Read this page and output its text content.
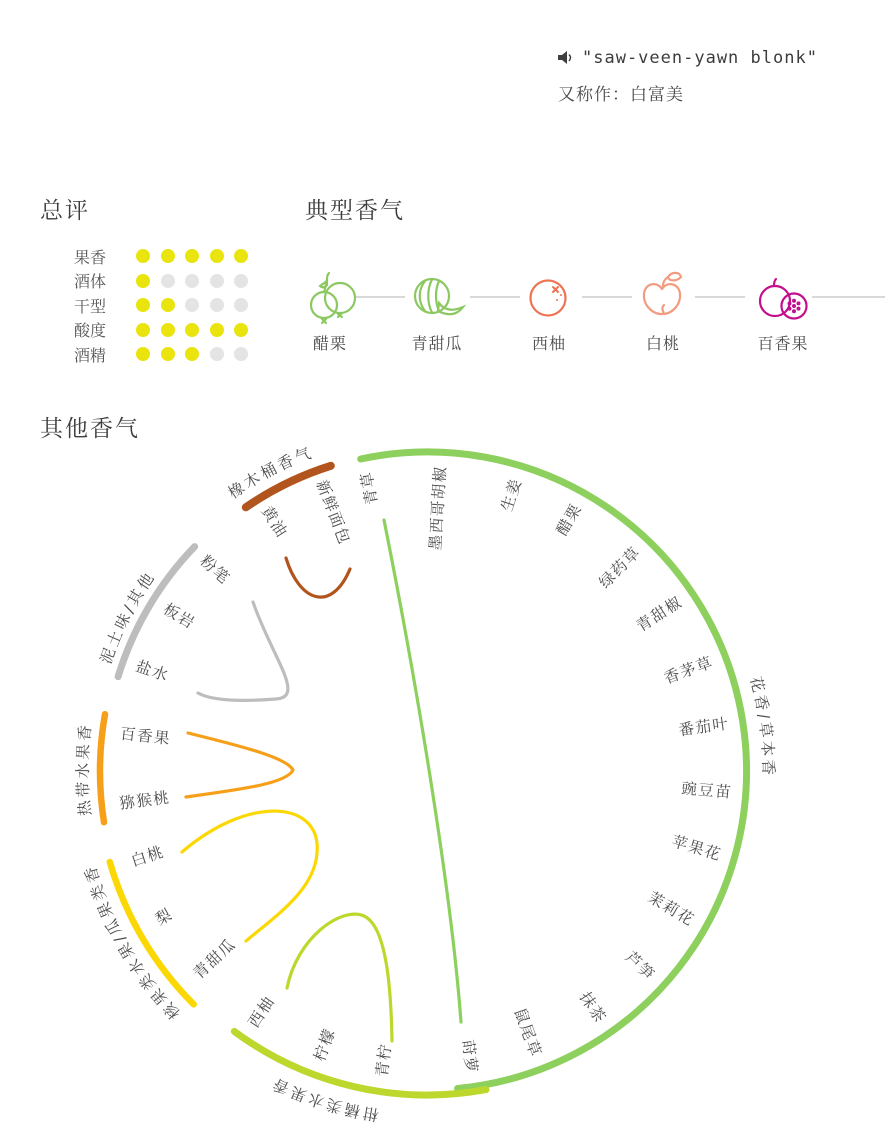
"saw-veen-yawn blonk"
又称作：白富美
总评
果香
酒体
干型
酸度
酒精
典型香气
醋栗	青甜瓜	西柚	白桃	百香果
其他香气
花香/草本香
青草	墨西哥胡椒	生姜
醋栗
绿药草
青甜椒
香茅草
番茄叶
豌豆苗
苹果花
茉莉花
芦笋
抹茶
鼠尾草
莳萝
柑橘类水果香
青柠
柠檬
西柚
核果类水果/瓜果类香
青甜瓜
梨
白桃
热带水果香
猕猴桃
百香果
泥土味/其他
盐水
板岩
粉笔
橡木桶香气
黄油 新鲜面包
